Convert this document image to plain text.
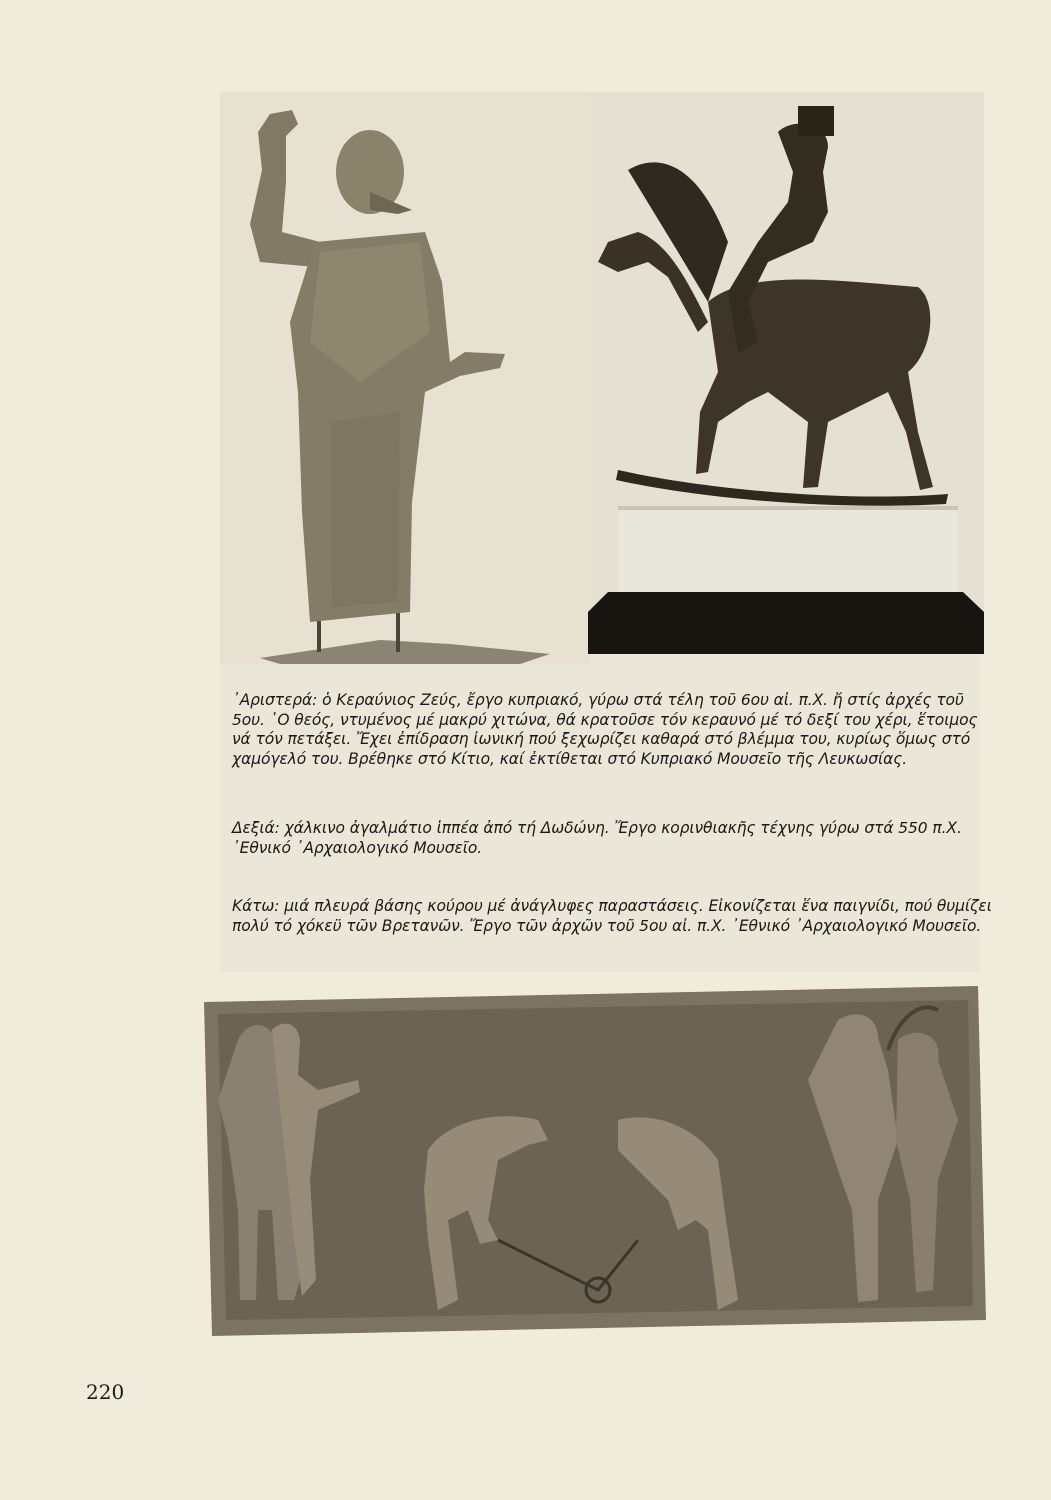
᾿Αριστερά: ὁ Κεραύνιος Ζεύς, ἔργο κυπριακό, γύρω στά τέλη τοῦ 6ου αἰ. π.Χ. ἤ στίς ἀρχές τοῦ 5ου. ῾Ο θεός, ντυμένος μέ μακρύ χιτώνα, θά κρατοῦσε τόν κεραυνό μέ τό δεξί του χέρι, ἕτοιμος νά τόν πετάξει. Ἔχει ἐπίδραση ἰωνική πού ξεχωρίζει καθαρά στό βλέμμα του, κυρίως ὅμως στό χαμόγελό του. Βρέθηκε στό Κίτιο, καί ἐκτίθεται στό Κυπριακό Μουσεῖο τῆς Λευκωσίας.
Δεξιά: χάλκινο ἀγαλμάτιο ἱππέα ἀπό τή Δωδώνη. Ἔργο κορινθιακῆς τέχνης γύρω στά 550 π.Χ. ᾿Εθνικό ᾿Αρχαιολογικό Μουσεῖο.
Κάτω: μιά πλευρά βάσης κούρου μέ ἀνάγλυφες παραστάσεις. Εἰκονίζεται ἕνα παιγνίδι, πού θυμίζει πολύ τό χόκεϋ τῶν Βρετανῶν. Ἔργο τῶν ἀρχῶν τοῦ 5ου αἰ. π.Χ. ᾿Εθνικό ᾿Αρχαιολογικό Μουσεῖο.
220
